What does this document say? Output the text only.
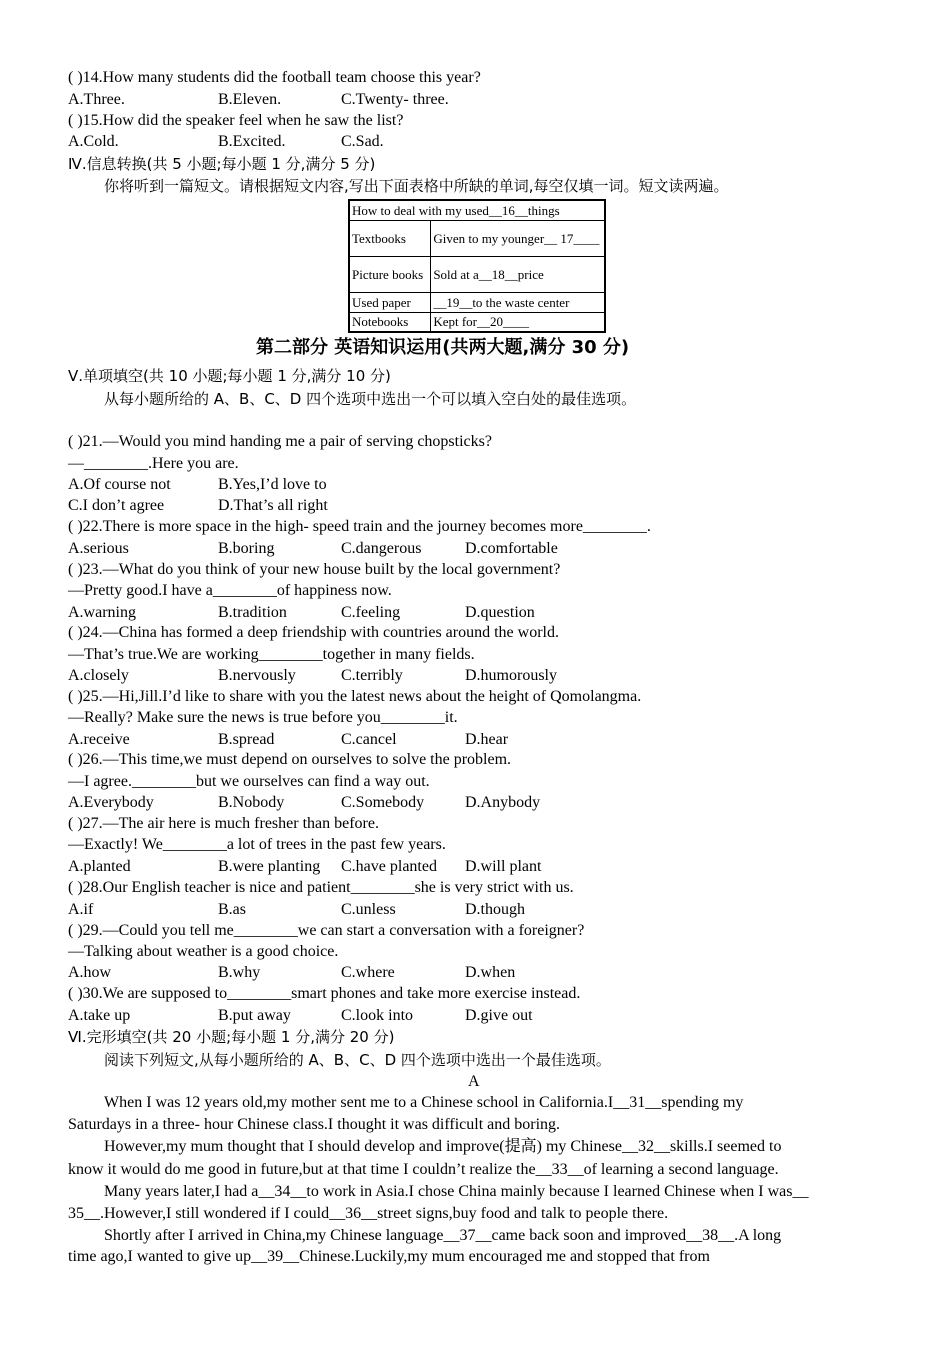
( )14.How many students did the football team choose this year?
A.Three.	B.Eleven.	C.Twenty- three.
( )15.How did the speaker feel when he saw the list?
A.Cold.	B.Excited.	C.Sad.
Ⅳ.信息转换(共 5 小题;每小题 1 分,满分 5 分)
你将听到一篇短文。请根据短文内容,写出下面表格中所缺的单词,每空仅填一词。短文读两遍。
How to deal with my used__16__things	
Textbooks	Given to my younger__ 17____
Picture books	Sold at a__18__price
Used paper	__19__to the waste center
Notebooks	Kept for__20____
第二部分 英语知识运用(共两大题,满分 30 分)
Ⅴ.单项填空(共 10 小题;每小题 1 分,满分 10 分)
从每小题所给的 A、B、C、D 四个选项中选出一个可以填入空白处的最佳选项。
( )21.—Would you mind handing me a pair of serving chopsticks?
—________.Here you are.
A.Of course not	B.Yes,I’d love to
C.I don’t agree	D.That’s all right
( )22.There is more space in the high- speed train and the journey becomes more________.
A.serious	B.boring	C.dangerous	D.comfortable
( )23.—What do you think of your new house built by the local government?
—Pretty good.I have a________of happiness now.
A.warning	B.tradition	C.feeling	D.question
( )24.—China has formed a deep friendship with countries around the world.
—That’s true.We are working________together in many fields.
A.closely	B.nervously	C.terribly	D.humorously
( )25.—Hi,Jill.I’d like to share with you the latest news about the height of Qomolangma.
—Really? Make sure the news is true before you________it.
A.receive	B.spread	C.cancel	D.hear
( )26.—This time,we must depend on ourselves to solve the problem.
—I agree.________but we ourselves can find a way out.
A.Everybody	B.Nobody	C.Somebody	D.Anybody
( )27.—The air here is much fresher than before.
—Exactly! We________a lot of trees in the past few years.
A.planted	B.were planting C.have planted D.will plant
( )28.Our English teacher is nice and patient________she is very strict with us.
A.if	B.as	C.unless	D.though
( )29.—Could you tell me________we can start a conversation with a foreigner?
—Talking about weather is a good choice.
A.how	B.why	C.where	D.when
( )30.We are supposed to________smart phones and take more exercise instead.
A.take up	B.put away	C.look into	D.give out
Ⅵ.完形填空(共 20 小题;每小题 1 分,满分 20 分)
阅读下列短文,从每小题所给的 A、B、C、D 四个选项中选出一个最佳选项。
A
When I was 12 years old,my mother sent me to a Chinese school in California.I__31__spending my
Saturdays in a three- hour Chinese class.I thought it was difficult and boring.
However,my mum thought that I should develop and improve(提高) my Chinese__32__skills.I seemed to
know it would do me good in future,but at that time I couldn’t realize the__33__of learning a second language.
Many years later,I had a__34__to work in Asia.I chose China mainly because I learned Chinese when I was__
35__.However,I still wondered if I could__36__street signs,buy food and talk to people there.
Shortly after I arrived in China,my Chinese language__37__came back soon and improved__38__.A long
time ago,I wanted to give up__39__Chinese.Luckily,my mum encouraged me and stopped that from
